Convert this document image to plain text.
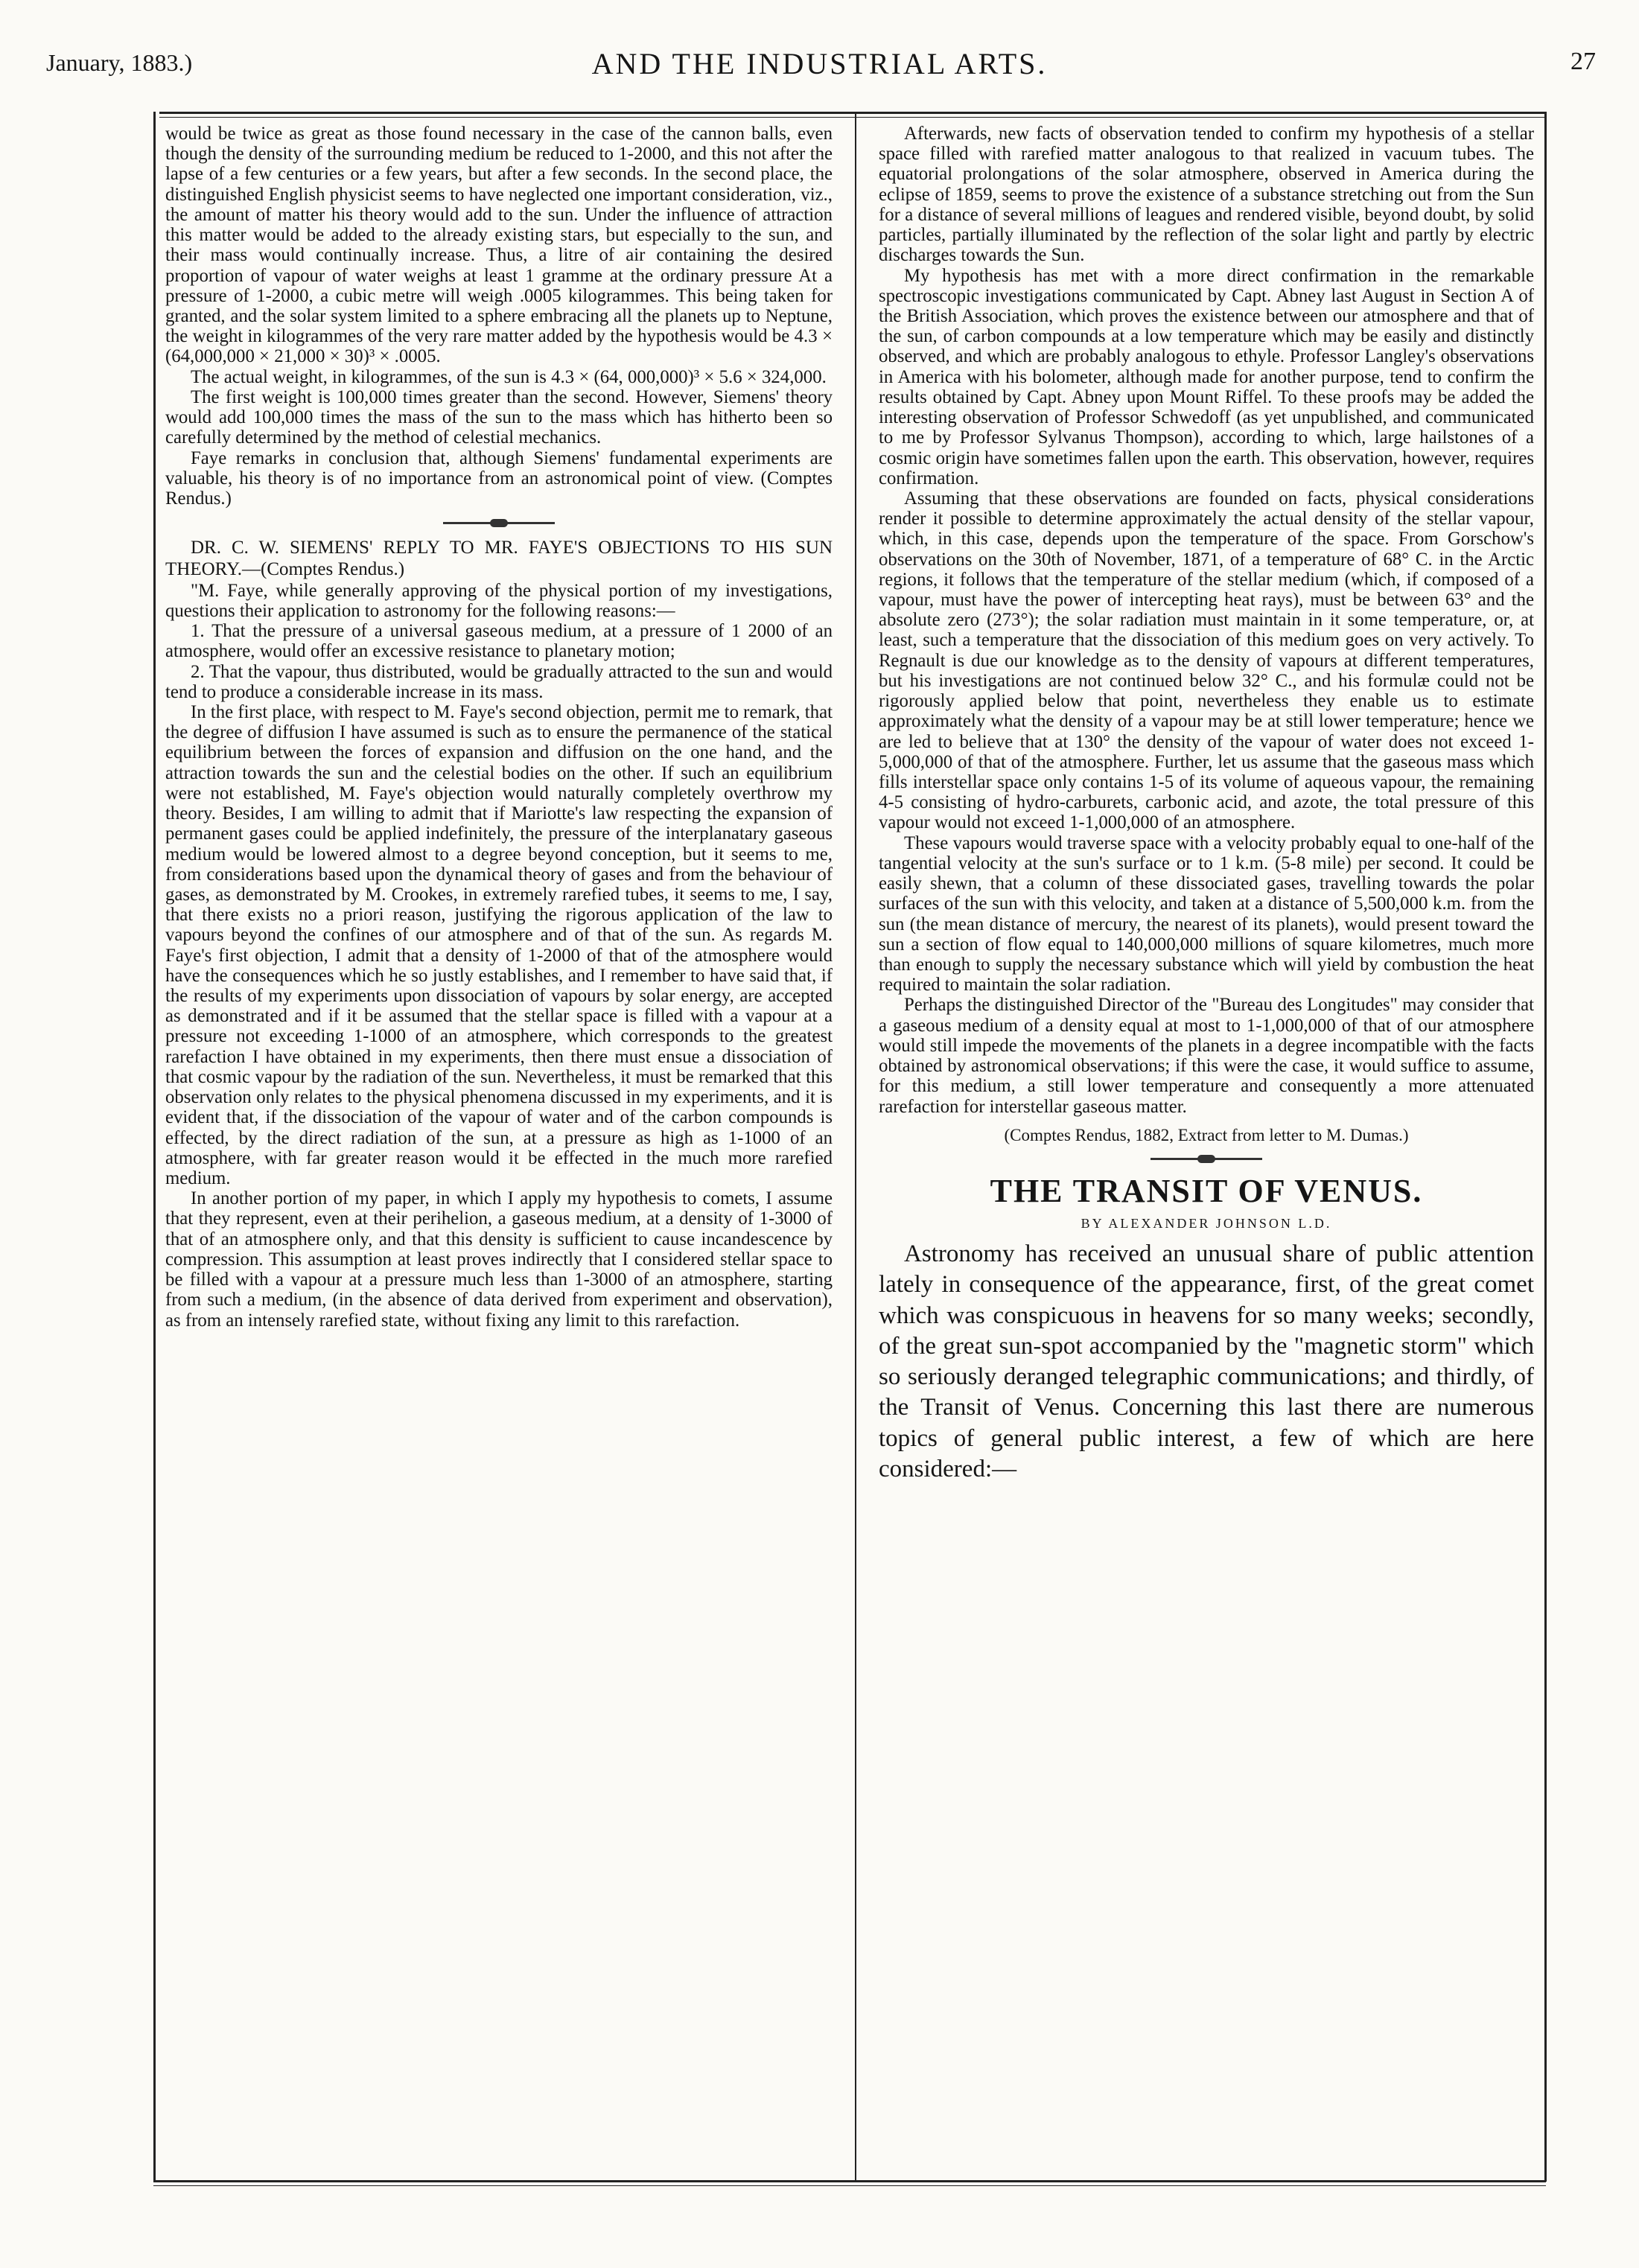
January, 1883.)	AND THE INDUSTRIAL ARTS.	27

would be twice as great as those found necessary in the case of the cannon balls, even though the density of the surrounding medium be reduced to 1-2000, and this not after the lapse of a few centuries or a few years, but after a few seconds. In the second place, the distinguished English physicist seems to have neglected one important consideration, viz., the amount of matter his theory would add to the sun. Under the influence of attraction this matter would be added to the already existing stars, but especially to the sun, and their mass would continually increase. Thus, a litre of air containing the desired proportion of vapour of water weighs at least 1 gramme at the ordinary pressure At a pressure of 1-2000, a cubic metre will weigh .0005 kilogrammes. This being taken for granted, and the solar system limited to a sphere embracing all the planets up to Neptune, the weight in kilogrammes of the very rare matter added by the hypothesis would be 4.3 × (64,000,000 × 21,000 × 30)³ × .0005.

The actual weight, in kilogrammes, of the sun is 4.3 × (64, 000,000)³ × 5.6 × 324,000.

The first weight is 100,000 times greater than the second. However, Siemens' theory would add 100,000 times the mass of the sun to the mass which has hitherto been so carefully determined by the method of celestial mechanics.

Faye remarks in conclusion that, although Siemens' fundamental experiments are valuable, his theory is of no importance from an astronomical point of view. (Comptes Rendus.)

DR. C. W. SIEMENS' REPLY TO MR. FAYE'S OBJECTIONS TO HIS SUN THEORY.—(Comptes Rendus.)

"M. Faye, while generally approving of the physical portion of my investigations, questions their application to astronomy for the following reasons:—

1. That the pressure of a universal gaseous medium, at a pressure of 1 2000 of an atmosphere, would offer an excessive resistance to planetary motion;

2. That the vapour, thus distributed, would be gradually attracted to the sun and would tend to produce a considerable increase in its mass.

In the first place, with respect to M. Faye's second objection, permit me to remark, that the degree of diffusion I have assumed is such as to ensure the permanence of the statical equilibrium between the forces of expansion and diffusion on the one hand, and the attraction towards the sun and the celestial bodies on the other. If such an equilibrium were not established, M. Faye's objection would naturally completely overthrow my theory. Besides, I am willing to admit that if Mariotte's law respecting the expansion of permanent gases could be applied indefinitely, the pressure of the interplanatary gaseous medium would be lowered almost to a degree beyond conception, but it seems to me, from considerations based upon the dynamical theory of gases and from the behaviour of gases, as demonstrated by M. Crookes, in extremely rarefied tubes, it seems to me, I say, that there exists no a priori reason, justifying the rigorous application of the law to vapours beyond the confines of our atmosphere and of that of the sun. As regards M. Faye's first objection, I admit that a density of 1-2000 of that of the atmosphere would have the consequences which he so justly establishes, and I remember to have said that, if the results of my experiments upon dissociation of vapours by solar energy, are accepted as demonstrated and if it be assumed that the stellar space is filled with a vapour at a pressure not exceeding 1-1000 of an atmosphere, which corresponds to the greatest rarefaction I have obtained in my experiments, then there must ensue a dissociation of that cosmic vapour by the radiation of the sun. Nevertheless, it must be remarked that this observation only relates to the physical phenomena discussed in my experiments, and it is evident that, if the dissociation of the vapour of water and of the carbon compounds is effected, by the direct radiation of the sun, at a pressure as high as 1-1000 of an atmosphere, with far greater reason would it be effected in the much more rarefied medium.

In another portion of my paper, in which I apply my hypothesis to comets, I assume that they represent, even at their perihelion, a gaseous medium, at a density of 1-3000 of that of an atmosphere only, and that this density is sufficient to cause incandescence by compression. This assumption at least proves indirectly that I considered stellar space to be filled with a vapour at a pressure much less than 1-3000 of an atmosphere, starting from such a medium, (in the absence of data derived from experiment and observation), as from an intensely rarefied state, without fixing any limit to this rarefaction.

Afterwards, new facts of observation tended to confirm my hypothesis of a stellar space filled with rarefied matter analogous to that realized in vacuum tubes. The equatorial prolongations of the solar atmosphere, observed in America during the eclipse of 1859, seems to prove the existence of a substance stretching out from the Sun for a distance of several millions of leagues and rendered visible, beyond doubt, by solid particles, partially illuminated by the reflection of the solar light and partly by electric discharges towards the Sun.

My hypothesis has met with a more direct confirmation in the remarkable spectroscopic investigations communicated by Capt. Abney last August in Section A of the British Association, which proves the existence between our atmosphere and that of the sun, of carbon compounds at a low temperature which may be easily and distinctly observed, and which are probably analogous to ethyle. Professor Langley's observations in America with his bolometer, although made for another purpose, tend to confirm the results obtained by Capt. Abney upon Mount Riffel. To these proofs may be added the interesting observation of Professor Schwedoff (as yet unpublished, and communicated to me by Professor Sylvanus Thompson), according to which, large hailstones of a cosmic origin have sometimes fallen upon the earth. This observation, however, requires confirmation.

Assuming that these observations are founded on facts, physical considerations render it possible to determine approximately the actual density of the stellar vapour, which, in this case, depends upon the temperature of the space. From Gorschow's observations on the 30th of November, 1871, of a temperature of 68° C. in the Arctic regions, it follows that the temperature of the stellar medium (which, if composed of a vapour, must have the power of intercepting heat rays), must be between 63° and the absolute zero (273°); the solar radiation must maintain in it some temperature, or, at least, such a temperature that the dissociation of this medium goes on very actively. To Regnault is due our knowledge as to the density of vapours at different temperatures, but his investigations are not continued below 32° C., and his formulæ could not be rigorously applied below that point, nevertheless they enable us to estimate approximately what the density of a vapour may be at still lower temperature; hence we are led to believe that at 130° the density of the vapour of water does not exceed 1-5,000,000 of that of the atmosphere. Further, let us assume that the gaseous mass which fills interstellar space only contains 1-5 of its volume of aqueous vapour, the remaining 4-5 consisting of hydro-carburets, carbonic acid, and azote, the total pressure of this vapour would not exceed 1-1,000,000 of an atmosphere.

These vapours would traverse space with a velocity probably equal to one-half of the tangential velocity at the sun's surface or to 1 k.m. (5-8 mile) per second. It could be easily shewn, that a column of these dissociated gases, travelling towards the polar surfaces of the sun with this velocity, and taken at a distance of 5,500,000 k.m. from the sun (the mean distance of mercury, the nearest of its planets), would present toward the sun a section of flow equal to 140,000,000 millions of square kilometres, much more than enough to supply the necessary substance which will yield by combustion the heat required to maintain the solar radiation.

Perhaps the distinguished Director of the "Bureau des Longitudes" may consider that a gaseous medium of a density equal at most to 1-1,000,000 of that of our atmosphere would still impede the movements of the planets in a degree incompatible with the facts obtained by astronomical observations; if this were the case, it would suffice to assume, for this medium, a still lower temperature and consequently a more attenuated rarefaction for interstellar gaseous matter.

(Comptes Rendus, 1882, Extract from letter to M. Dumas.)
THE TRANSIT OF VENUS.
BY ALEXANDER JOHNSON L.D.

Astronomy has received an unusual share of public attention lately in consequence of the appearance, first, of the great comet which was conspicuous in heavens for so many weeks; secondly, of the great sun-spot accompanied by the "magnetic storm" which so seriously deranged telegraphic communications; and thirdly, of the Transit of Venus. Concerning this last there are numerous topics of general public interest, a few of which are here considered:—
